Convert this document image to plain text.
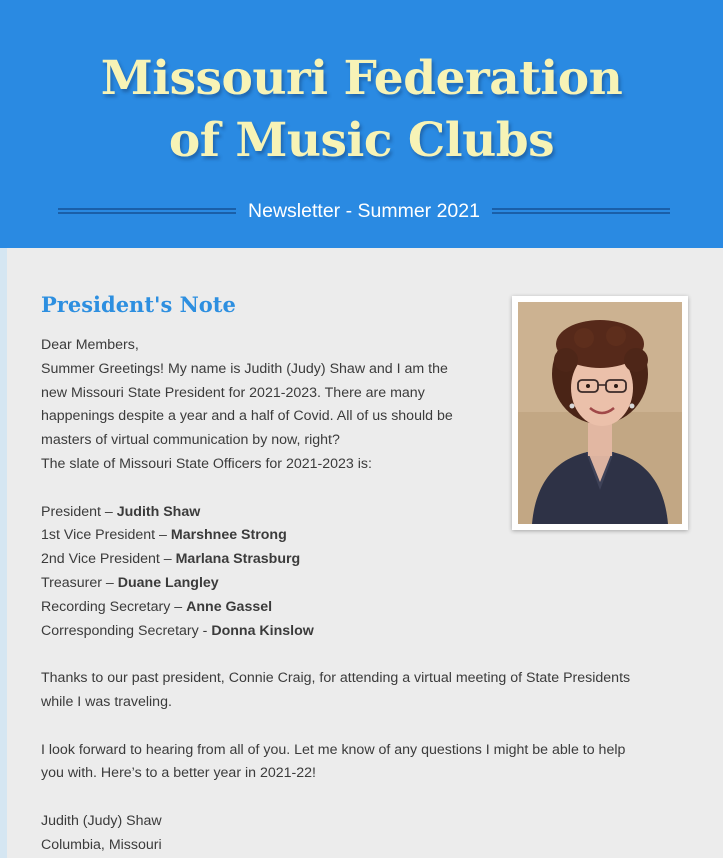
Missouri Federation
of Music Clubs
Newsletter - Summer 2021
President's Note

Dear Members,

Summer Greetings! My name is Judith (Judy) Shaw and I am the

new Missouri State President for 2021-2023. There are many

happenings despite a year and a half of Covid. All of us should be

masters of virtual communication by now, right?

The slate of Missouri State Officers for 2021-2023 is:

President – Judith Shaw

1st Vice President – Marshnee Strong

2nd Vice President – Marlana Strasburg

Treasurer – Duane Langley

Recording Secretary – Anne Gassel

Corresponding Secretary - Donna Kinslow

Thanks to our past president, Connie Craig, for attending a virtual meeting of State Presidents

while I was traveling.

I look forward to hearing from all of you. Let me know of any questions I might be able to help

you with. Here’s to a better year in 2021-22!

Judith (Judy) Shaw

Columbia, Missouri
